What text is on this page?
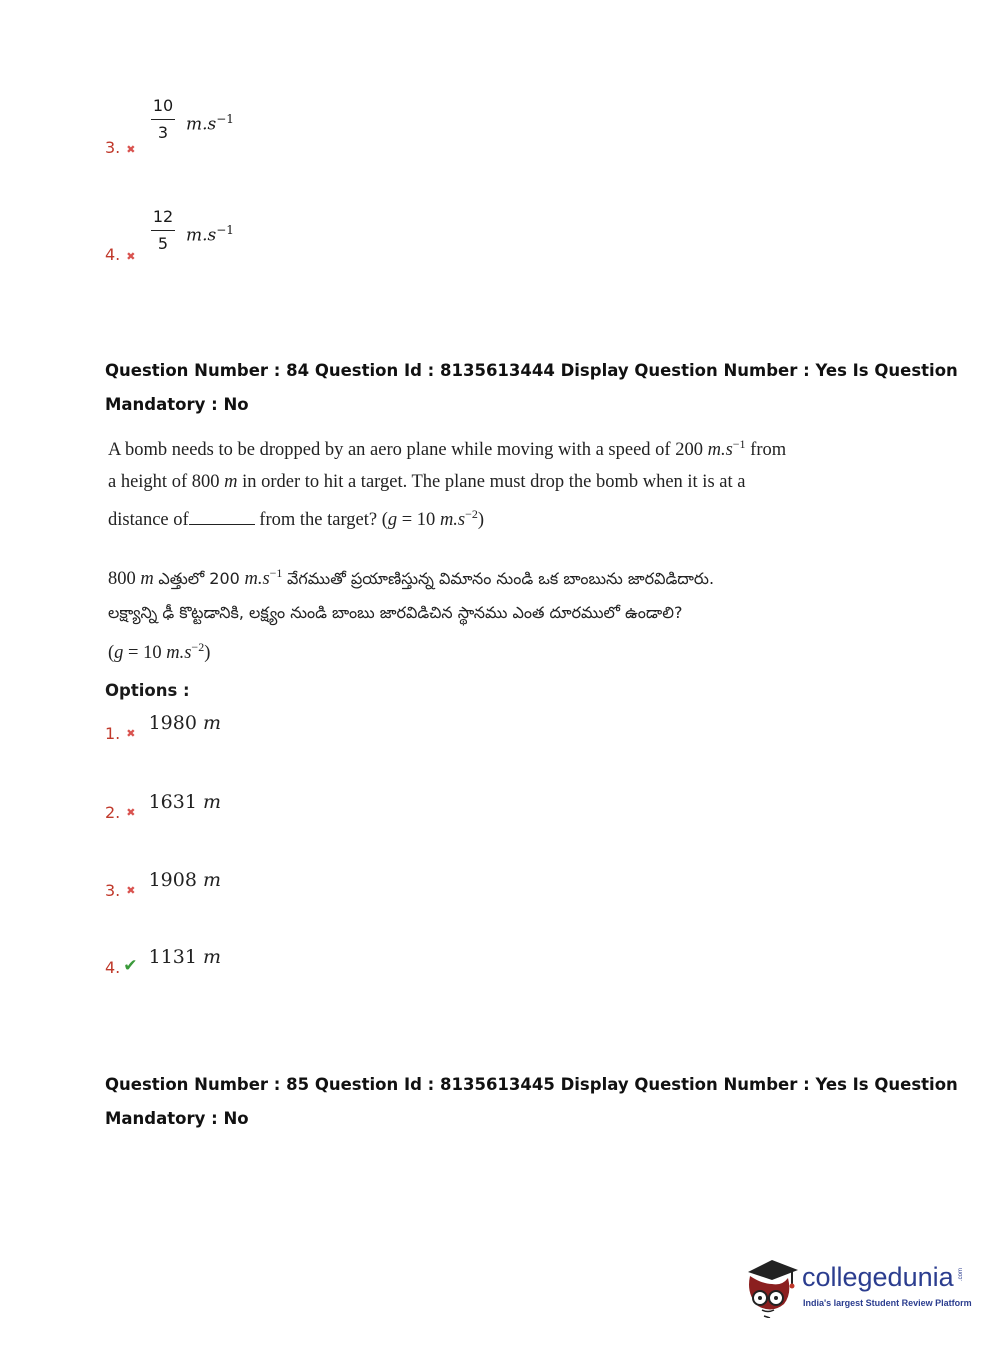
3. ✖
$\frac{10}{3} m.s^{-1}$
4. ✖
$\frac{12}{5} m.s^{-1}$
Question Number : 84 Question Id : 8135613444 Display Question Number : Yes Is Question
Mandatory : No
A bomb needs to be dropped by an aero plane while moving with a speed of 200 $m.s^{-1}$ from
a height of 800 m in order to hit a target. The plane must drop the bomb when it is at a
distance of	from the target? (g = 10 $m.s^{-2}$)
800 m ఎత్తులో 200 $m.s^{-1}$ వేగముతో ప్రయాణిస్తున్న విమానం నుండి ఒక బాంబును జారవిడిదారు.
లక్ష్యాన్ని ఢీ కొట్టడానికి, లక్ష్యం నుండి బాంబు జారవిడిచిన స్థానము ఎంత దూరములో ఉండాలి?
(g = 10 $m.s^{-2}$)
Options :
1. $_✖$ 1980 m
2. $_✖$ 1631 m
3. $_✖$ 1908 m
4. ✔ 1131 m
Question Number : 85 Question Id : 8135613445 Display Question Number : Yes Is Question
Mandatory : No
collegedunia .com
India's largest Student Review Platform
